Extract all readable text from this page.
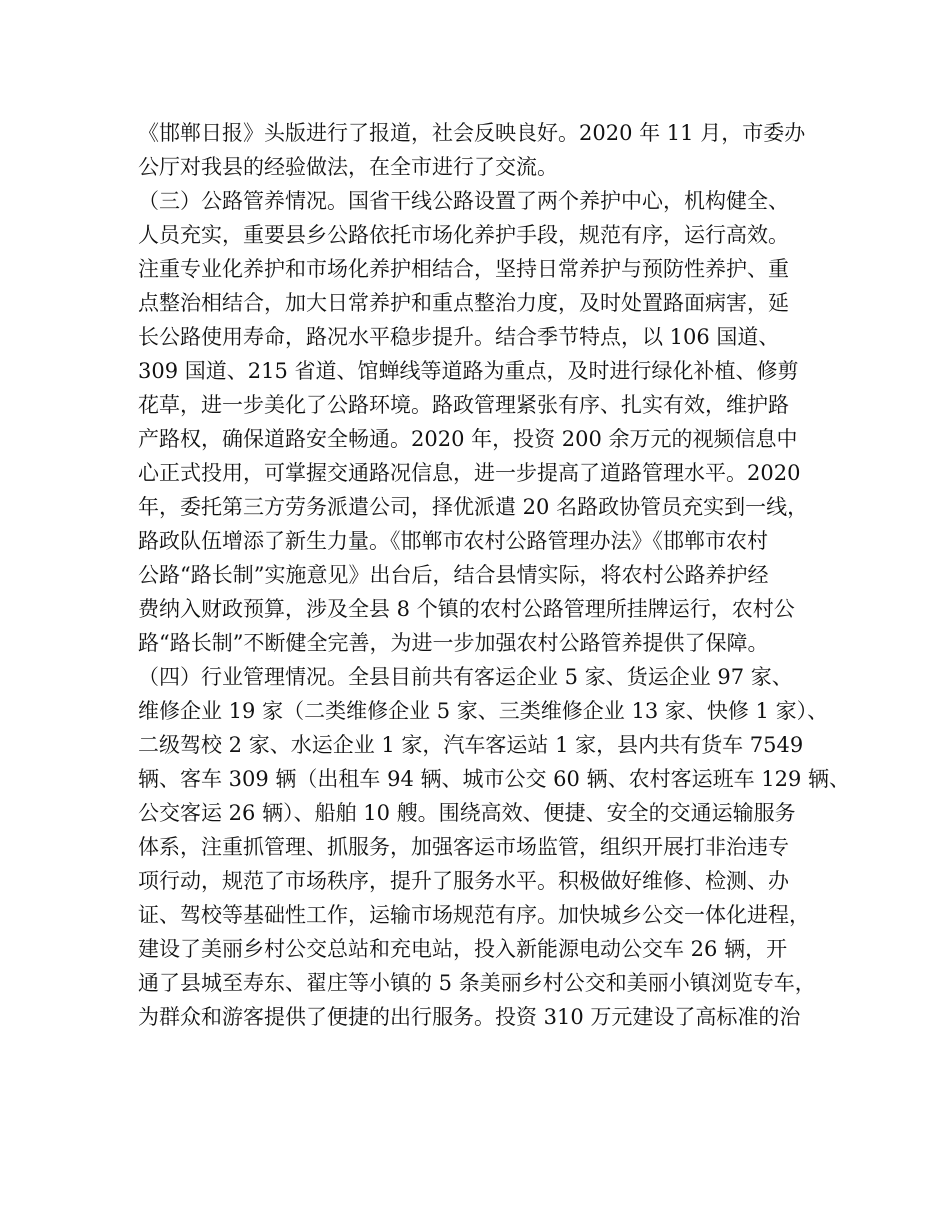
《邯郸日报》头版进行了报道，社会反映良好。2020 年 11 月，市委办
公厅对我县的经验做法，在全市进行了交流。
（三）公路管养情况。国省干线公路设置了两个养护中心，机构健全、
人员充实，重要县乡公路依托市场化养护手段，规范有序，运行高效。
注重专业化养护和市场化养护相结合，坚持日常养护与预防性养护、重
点整治相结合，加大日常养护和重点整治力度，及时处置路面病害，延
长公路使用寿命，路况水平稳步提升。结合季节特点，以 106 国道、
309 国道、215 省道、馆蝉线等道路为重点，及时进行绿化补植、修剪
花草，进一步美化了公路环境。路政管理紧张有序、扎实有效，维护路
产路权，确保道路安全畅通。2020 年，投资 200 余万元的视频信息中
心正式投用，可掌握交通路况信息，进一步提高了道路管理水平。2020
年，委托第三方劳务派遣公司，择优派遣 20 名路政协管员充实到一线，
路政队伍增添了新生力量。《邯郸市农村公路管理办法》《邯郸市农村
公路“路长制”实施意见》出台后，结合县情实际，将农村公路养护经
费纳入财政预算，涉及全县 8 个镇的农村公路管理所挂牌运行，农村公
路“路长制”不断健全完善，为进一步加强农村公路管养提供了保障。
（四）行业管理情况。全县目前共有客运企业 5 家、货运企业 97 家、
维修企业 19 家（二类维修企业 5 家、三类维修企业 13 家、快修 1 家）、
二级驾校 2 家、水运企业 1 家，汽车客运站 1 家，县内共有货车 7549
辆、客车 309 辆（出租车 94 辆、城市公交 60 辆、农村客运班车 129 辆、
公交客运 26 辆）、船舶 10 艘。围绕高效、便捷、安全的交通运输服务
体系，注重抓管理、抓服务，加强客运市场监管，组织开展打非治违专
项行动，规范了市场秩序，提升了服务水平。积极做好维修、检测、办
证、驾校等基础性工作，运输市场规范有序。加快城乡公交一体化进程，
建设了美丽乡村公交总站和充电站，投入新能源电动公交车 26 辆，开
通了县城至寿东、翟庄等小镇的 5 条美丽乡村公交和美丽小镇浏览专车，
为群众和游客提供了便捷的出行服务。投资 310 万元建设了高标准的治
